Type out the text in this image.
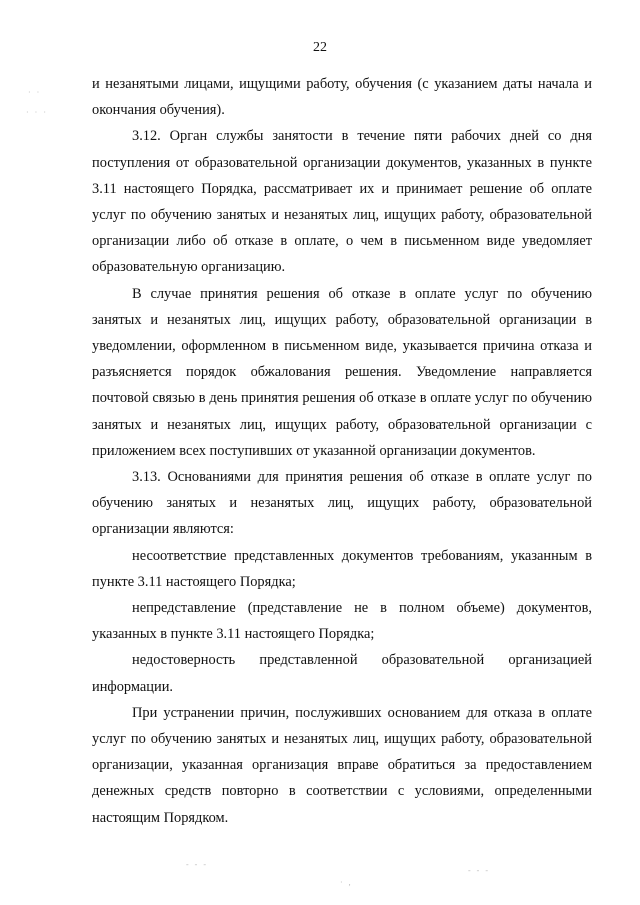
22

и незанятыми лицами, ищущими работу, обучения (с указанием даты начала и окончания обучения).

3.12. Орган службы занятости в течение пяти рабочих дней со дня поступления от образовательной организации документов, указанных в пункте 3.11 настоящего Порядка, рассматривает их и принимает решение об оплате услуг по обучению занятых и незанятых лиц, ищущих работу, образовательной организации либо об отказе в оплате, о чем в письменном виде уведомляет образовательную организацию.

В случае принятия решения об отказе в оплате услуг по обучению занятых и незанятых лиц, ищущих работу, образовательной организации в уведомлении, оформленном в письменном виде, указывается причина отказа и разъясняется порядок обжалования решения. Уведомление направляется почтовой связью в день принятия решения об отказе в оплате услуг по обучению занятых и незанятых лиц, ищущих работу, образовательной организации с приложением всех поступивших от указанной организации документов.

3.13. Основаниями для принятия решения об отказе в оплате услуг по обучению занятых и незанятых лиц, ищущих работу, образовательной организации являются:

несоответствие представленных документов требованиям, указанным в пункте 3.11 настоящего Порядка;

непредставление (представление не в полном объеме) документов, указанных в пункте 3.11 настоящего Порядка;

недостоверность представленной образовательной организацией информации.

При устранении причин, послуживших основанием для отказа в оплате услуг по обучению занятых и незанятых лиц, ищущих работу, образовательной организации, указанная организация вправе обратиться за предоставлением денежных средств повторно в соответствии с условиями, определенными настоящим Порядком.

· ·
· · ·
- - -
· ,
- - -
